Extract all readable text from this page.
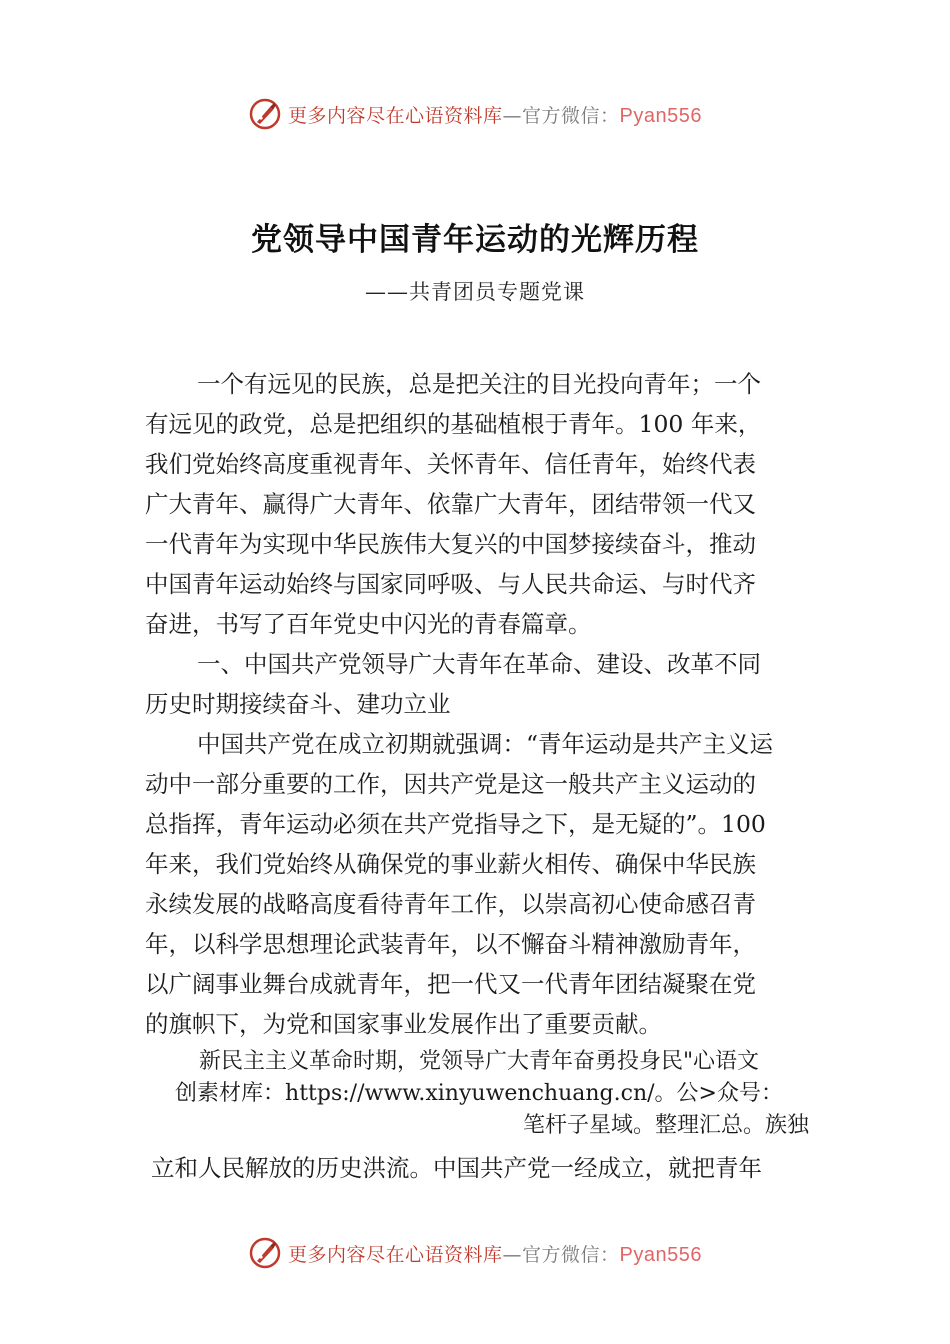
更多内容尽在心语资料库—官方微信：Pyan556
党领导中国青年运动的光辉历程
——共青团员专题党课
一个有远见的民族，总是把关注的目光投向青年；一个
有远见的政党，总是把组织的基础植根于青年。100 年来，
我们党始终高度重视青年、关怀青年、信任青年，始终代表
广大青年、赢得广大青年、依靠广大青年，团结带领一代又
一代青年为实现中华民族伟大复兴的中国梦接续奋斗，推动
中国青年运动始终与国家同呼吸、与人民共命运、与时代齐
奋进，书写了百年党史中闪光的青春篇章。
一、中国共产党领导广大青年在革命、建设、改革不同
历史时期接续奋斗、建功立业
中国共产党在成立初期就强调：“青年运动是共产主义运
动中一部分重要的工作，因共产党是这一般共产主义运动的
总指挥，青年运动必须在共产党指导之下，是无疑的”。100
年来，我们党始终从确保党的事业薪火相传、确保中华民族
永续发展的战略高度看待青年工作，以崇高初心使命感召青
年，以科学思想理论武装青年，以不懈奋斗精神激励青年，
以广阔事业舞台成就青年，把一代又一代青年团结凝聚在党
的旗帜下，为党和国家事业发展作出了重要贡献。
新民主主义革命时期，党领导广大青年奋勇投身民"心语文
创素材库：https://www.xinyuwenchuang.cn/。公>众号：
笔杆子星域。整理汇总。族独
立和人民解放的历史洪流。中国共产党一经成立，就把青年
更多内容尽在心语资料库—官方微信：Pyan556
